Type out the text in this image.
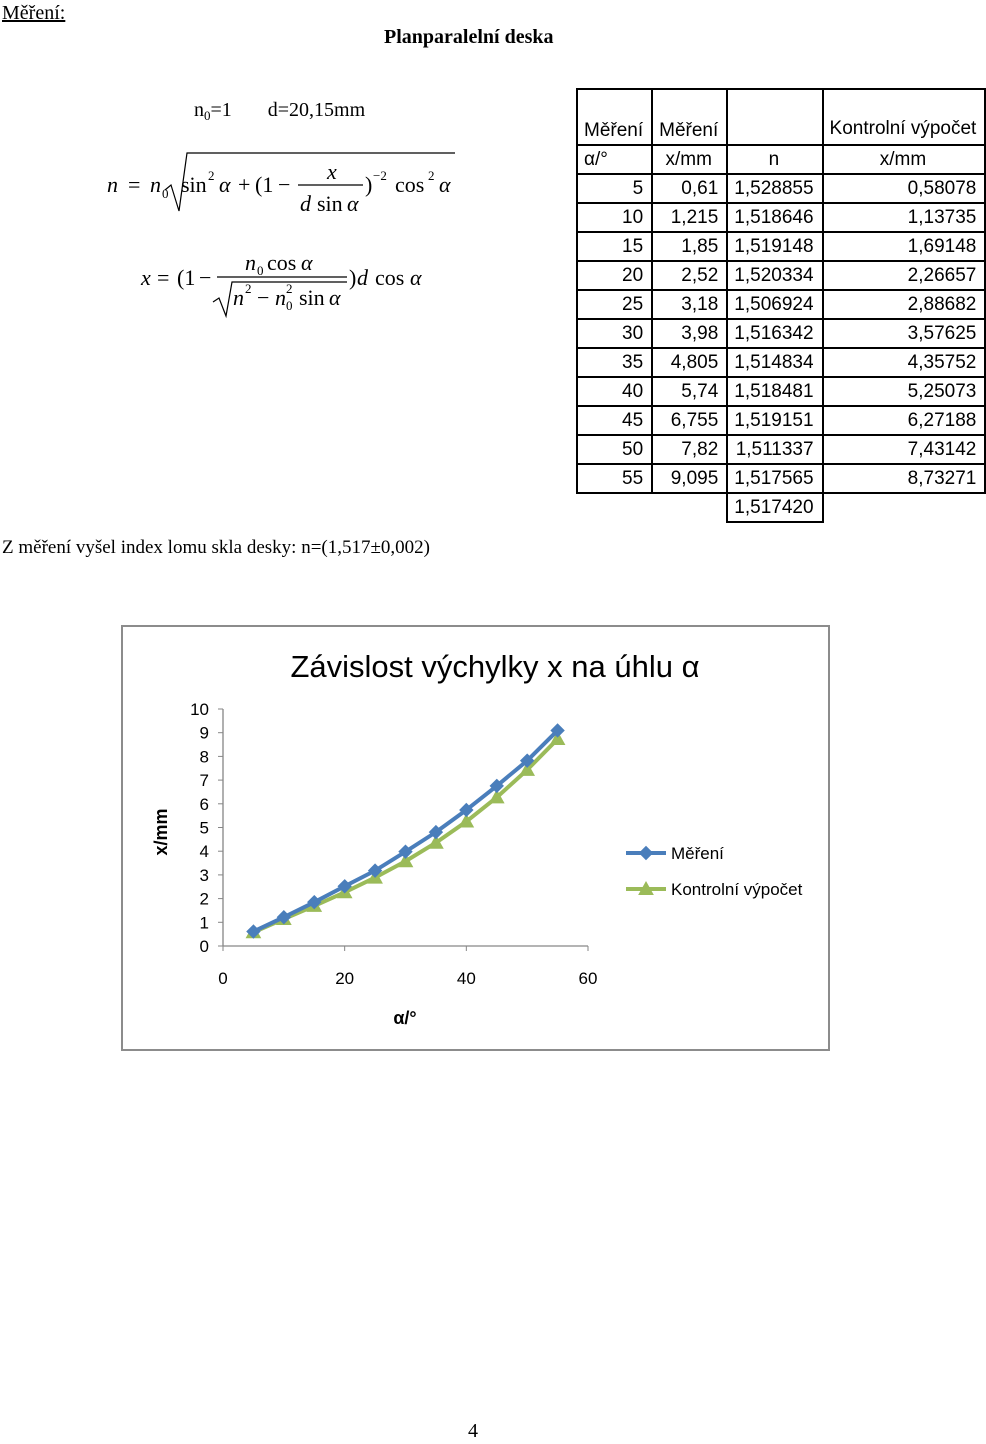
Měření:
Planparalelní deska
$n_0=1$ d=20,15mm
n = n 0 sin 2 α + (1 −
x
d sin α
) −2 cos 2 α
x = (1 −
n 0 cos α
n 2 − n 2
0 sin α
) d cos α
Z měření vyšel index lomu skla desky: n=(1,517±0,002)
Měření	Měření		Kontrolní výpočet

α/°	x/mm	n	x/mm
5	0,61	1,528855	0,58078
10	1,215	1,518646	1,13735
15	1,85	1,519148	1,69148
20	2,52	1,520334	2,26657
25	3,18	1,506924	2,88682
30	3,98	1,516342	3,57625
35	4,805	1,514834	4,35752
40	5,74	1,518481	5,25073
45	6,755	1,519151	6,27188
50	7,82	1,511337	7,43142
55	9,095	1,517565	8,73271
		1,517420	
Závislost výchylky x na úhlu α
x/mm
α/°
0
1
2
3
4
5
6
7
8
9
10
0	20	40	60
Měření
Kontrolní výpočet
4
